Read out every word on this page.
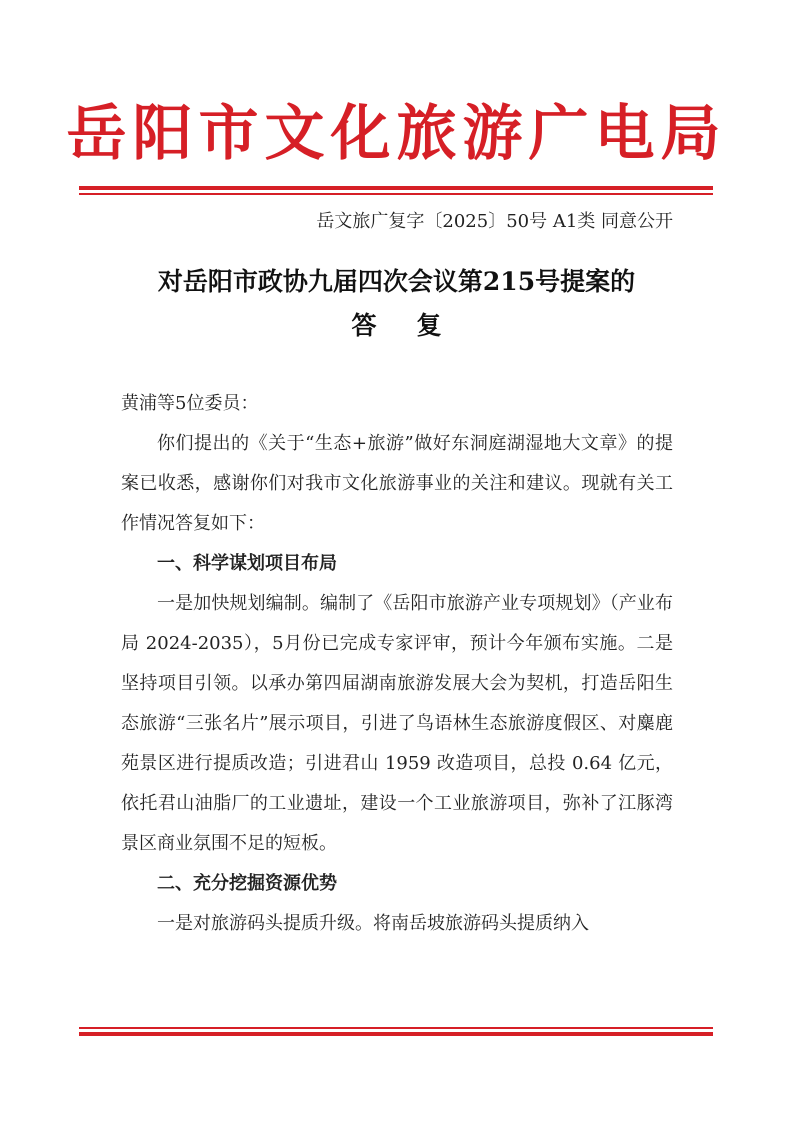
岳阳市文化旅游广电局
岳文旅广复字〔2025〕50号 A1类 同意公开
对岳阳市政协九届四次会议第215号提案的
答复

黄浦等5位委员：

你们提出的《关于“生态+旅游”做好东洞庭湖湿地大文章》的提案已收悉，感谢你们对我市文化旅游事业的关注和建议。现就有关工作情况答复如下：

一、科学谋划项目布局

一是加快规划编制。编制了《岳阳市旅游产业专项规划》（产业布局 2024-2035），5月份已完成专家评审，预计今年颁布实施。二是坚持项目引领。以承办第四届湖南旅游发展大会为契机，打造岳阳生态旅游“三张名片”展示项目，引进了鸟语林生态旅游度假区、对麋鹿苑景区进行提质改造；引进君山 1959 改造项目，总投 0.64 亿元，依托君山油脂厂的工业遗址，建设一个工业旅游项目，弥补了江豚湾景区商业氛围不足的短板。

二、充分挖掘资源优势

一是对旅游码头提质升级。将南岳坡旅游码头提质纳入
